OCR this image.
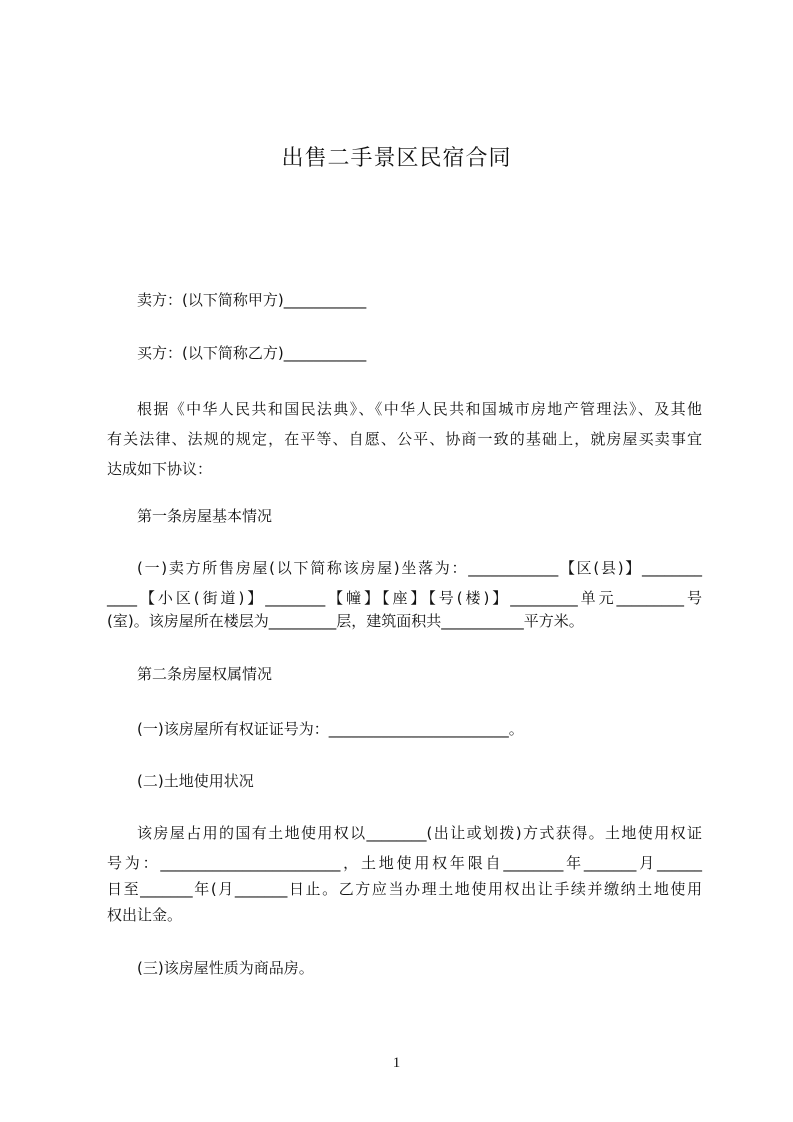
出售二手景区民宿合同
卖方：(以下简称甲方)___________
买方：(以下简称乙方)___________
根据《中华人民共和国民法典》、《中华人民共和国城市房地产管理法》、及其他
有关法律、法规的规定，在平等、自愿、公平、协商一致的基础上，就房屋买卖事宜
达成如下协议：
第一条房屋基本情况
(一)卖方所售房屋(以下简称该房屋)坐落为：____________【区(县)】________
____【小区(街道)】________【幢】【座】【号(楼)】_________单元_________号
(室)。该房屋所在楼层为_________层，建筑面积共___________平方米。
第二条房屋权属情况
(一)该房屋所有权证证号为：________________________。
(二)土地使用状况
该房屋占用的国有土地使用权以________(出让或划拨)方式获得。土地使用权证
号为：________________________，土地使用权年限自________年_______月______
日至_______年(月_______日止。乙方应当办理土地使用权出让手续并缴纳土地使用
权出让金。
(三)该房屋性质为商品房。
1
